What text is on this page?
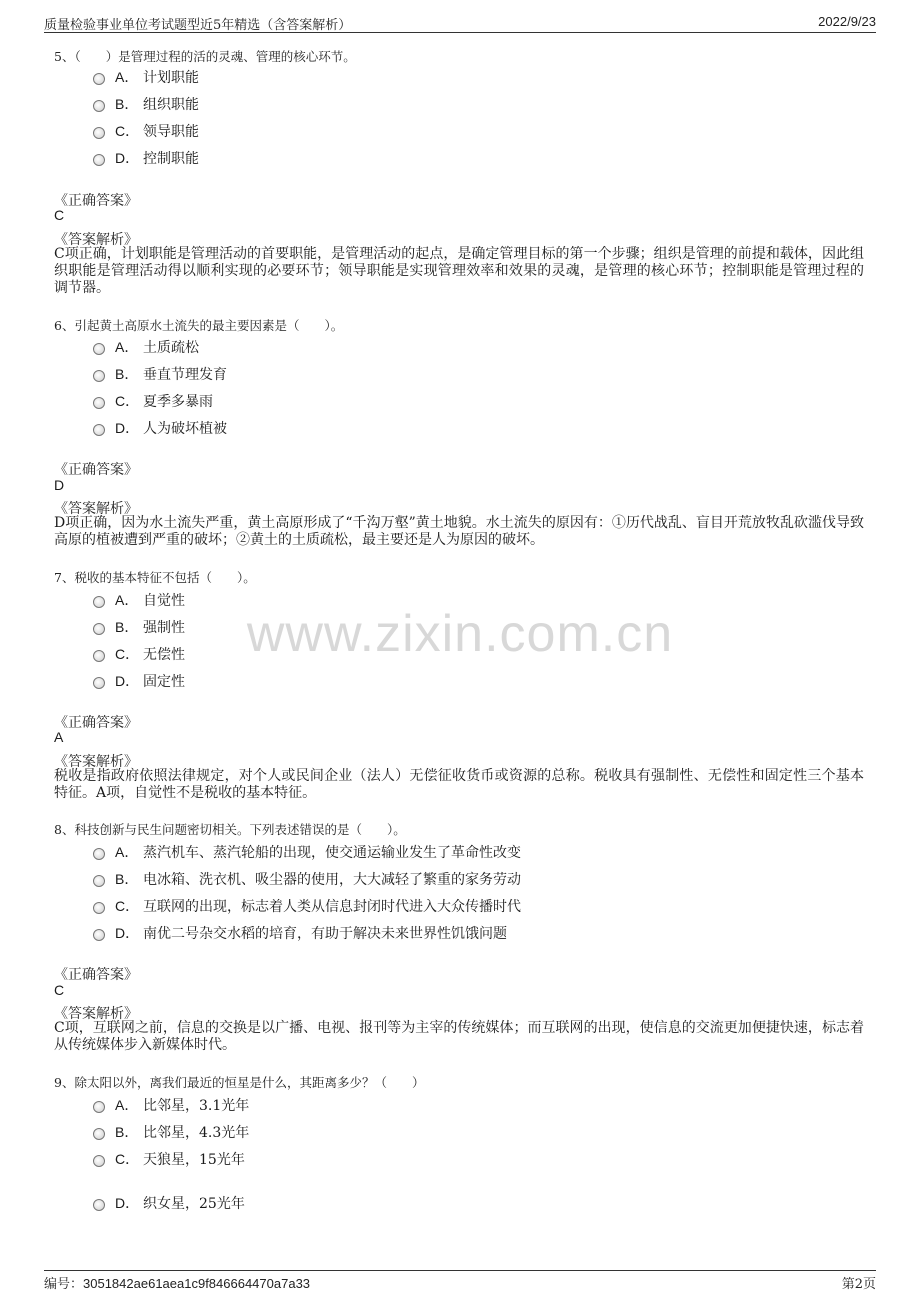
质量检验事业单位考试题型近5年精选（含答案解析）	2022/9/23
www.zixin.com.cn
5、（　　）是管理过程的活的灵魂、管理的核心环节。
A． 计划职能
B． 组织职能
C． 领导职能
D． 控制职能
《正确答案》
C
《答案解析》
C项正确，计划职能是管理活动的首要职能，是管理活动的起点，是确定管理目标的第一个步骤；组织是管理的前提和载体，因此组织职能是管理活动得以顺利实现的必要环节；领导职能是实现管理效率和效果的灵魂，是管理的核心环节；控制职能是管理过程的调节器。
6、引起黄土高原水土流失的最主要因素是（　　）。
A． 土质疏松
B． 垂直节理发育
C． 夏季多暴雨
D． 人为破坏植被
《正确答案》
D
《答案解析》
D项正确，因为水土流失严重，黄土高原形成了“千沟万壑”黄土地貌。水土流失的原因有：①历代战乱、盲目开荒放牧乱砍滥伐导致高原的植被遭到严重的破坏；②黄土的土质疏松，最主要还是人为原因的破坏。
7、税收的基本特征不包括（　　）。
A． 自觉性
B． 强制性
C． 无偿性
D． 固定性
《正确答案》
A
《答案解析》
税收是指政府依照法律规定，对个人或民间企业（法人）无偿征收货币或资源的总称。税收具有强制性、无偿性和固定性三个基本特征。A项，自觉性不是税收的基本特征。
8、科技创新与民生问题密切相关。下列表述错误的是（　　）。
A． 蒸汽机车、蒸汽轮船的出现，使交通运输业发生了革命性改变
B． 电冰箱、洗衣机、吸尘器的使用，大大减轻了繁重的家务劳动
C． 互联网的出现，标志着人类从信息封闭时代进入大众传播时代
D． 南优二号杂交水稻的培育，有助于解决未来世界性饥饿问题
《正确答案》
C
《答案解析》
C项，互联网之前，信息的交换是以广播、电视、报刊等为主宰的传统媒体；而互联网的出现，使信息的交流更加便捷快速，标志着从传统媒体步入新媒体时代。
9、除太阳以外，离我们最近的恒星是什么，其距离多少？（　　）
A． 比邻星，3.1光年
B． 比邻星，4.3光年
C． 天狼星，15光年
D． 织女星，25光年
编号：3051842ae61aea1c9f846664470a7a33	第2页
